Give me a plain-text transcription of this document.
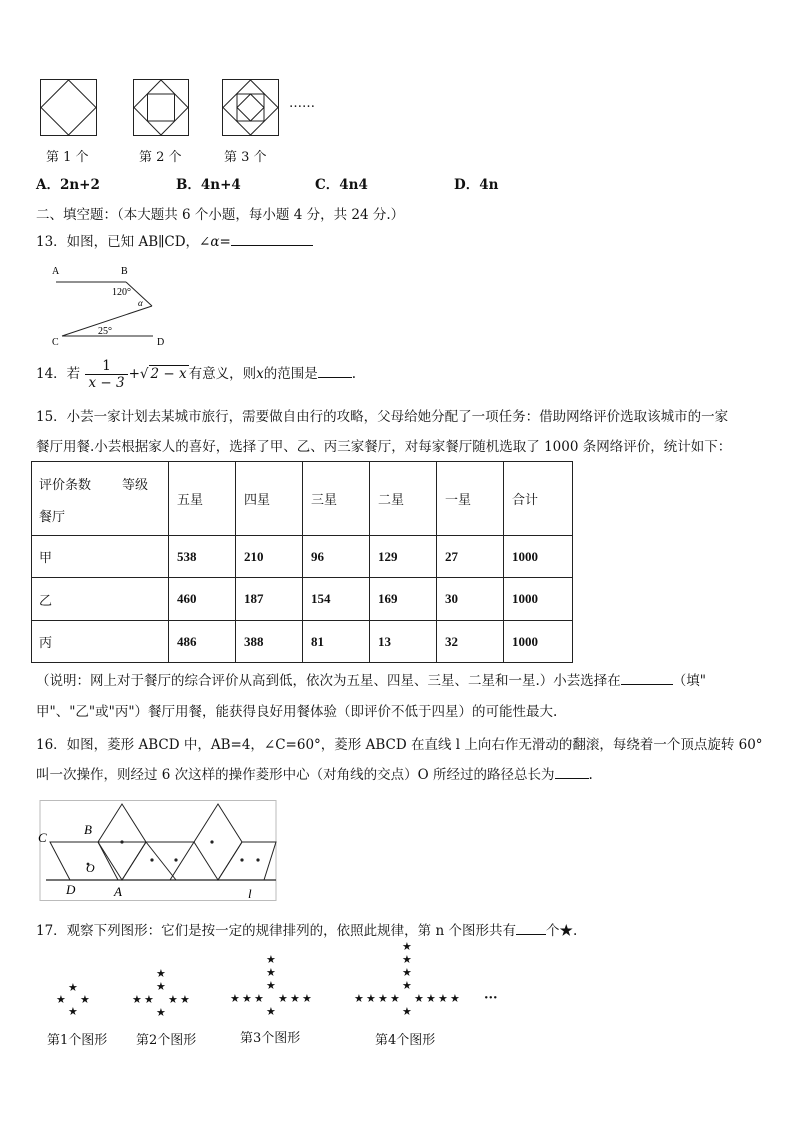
……
第 1 个	第 2 个	第 3 个
A．2n+2	B．4n+4	C．4n4	D．4n
二、填空题：（本大题共 6 个小题，每小题 4 分，共 24 分.）
13．如图，已知 AB∥CD，∠α=
A	B
120°
α
25°
C	D
14．若 $\frac{1}{x - 3}$ +√ 2 − x 有意义，则x的范围是	.
15．小芸一家计划去某城市旅行，需要做自由行的攻略，父母给她分配了一项任务：借助网络评价选取该城市的一家
餐厅用餐.小芸根据家人的喜好，选择了甲、乙、丙三家餐厅，对每家餐厅随机选取了 1000 条网络评价，统计如下：
评价条数 等级
餐厅	五星	四星	三星	二星	一星	合计
甲	538	210	96	129	27	1000
乙	460	187	154	169	30	1000
丙	486	388	81	13	32	1000
（说明：网上对于餐厅的综合评价从高到低，依次为五星、四星、三星、二星和一星.）小芸选择在	（填"
甲"、"乙"或"丙"）餐厅用餐，能获得良好用餐体验（即评价不低于四星）的可能性最大.
16．如图，菱形 ABCD 中，AB=4，∠C=60°，菱形 ABCD 在直线 l 上向右作无滑动的翻滚，每绕着一个顶点旋转 60°
叫一次操作，则经过 6 次这样的操作菱形中心（对角线的交点）O 所经过的路径总长为	.
C
B
O
D	A	l
17．观察下列图形：它们是按一定的规律排列的，依照此规律，第 n 个图形共有 个★.
★
★ ★
★
★
★
★ ★ ★ ★
★
★
★
★
★ ★ ★ ★ ★ ★
★
★
★
★
★
★ ★ ★ ★ ★ ★ ★ ★
★
···
第1个图形 第2个图形	第3个图形	第4个图形
